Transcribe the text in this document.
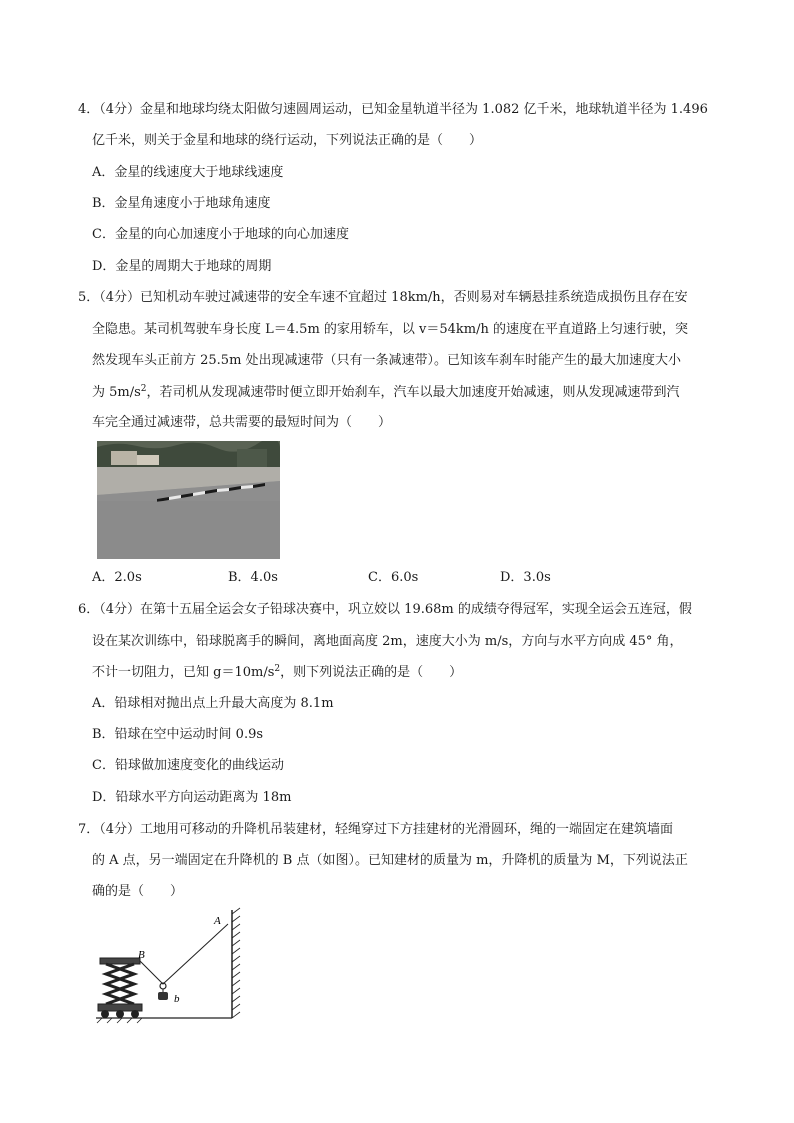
4．（4分）金星和地球均绕太阳做匀速圆周运动，已知金星轨道半径为 1.082 亿千米，地球轨道半径为 1.496
亿千米，则关于金星和地球的绕行运动，下列说法正确的是（　　）
A．金星的线速度大于地球线速度
B．金星角速度小于地球角速度
C．金星的向心加速度小于地球的向心加速度
D．金星的周期大于地球的周期
5．（4分）已知机动车驶过减速带的安全车速不宜超过 18km/h，否则易对车辆悬挂系统造成损伤且存在安
全隐患。某司机驾驶车身长度 L＝4.5m 的家用轿车，以 v＝54km/h 的速度在平直道路上匀速行驶，突
然发现车头正前方 25.5m 处出现减速带（只有一条减速带）。已知该车刹车时能产生的最大加速度大小
为 $5m/s^2$，若司机从发现减速带时便立即开始刹车，汽车以最大加速度开始减速，则从发现减速带到汽
车完全通过减速带，总共需要的最短时间为（　　）
A．2.0s	B．4.0s	C．6.0s	D．3.0s
6．（4分）在第十五届全运会女子铅球决赛中，巩立姣以 19.68m 的成绩夺得冠军，实现全运会五连冠，假
设在某次训练中，铅球脱离手的瞬间，离地面高度 2m，速度大小为 m/s，方向与水平方向成 45° 角，
不计一切阻力，已知 $g=10m/s^2$，则下列说法正确的是（　　）
A．铅球相对抛出点上升最大高度为 8.1m
B．铅球在空中运动时间 0.9s
C．铅球做加速度变化的曲线运动
D．铅球水平方向运动距离为 18m
7．（4分）工地用可移动的升降机吊装建材，轻绳穿过下方挂建材的光滑圆环，绳的一端固定在建筑墙面
的 A 点，另一端固定在升降机的 B 点（如图）。已知建材的质量为 m，升降机的质量为 M，下列说法正
确的是（　　）
A
B
b
